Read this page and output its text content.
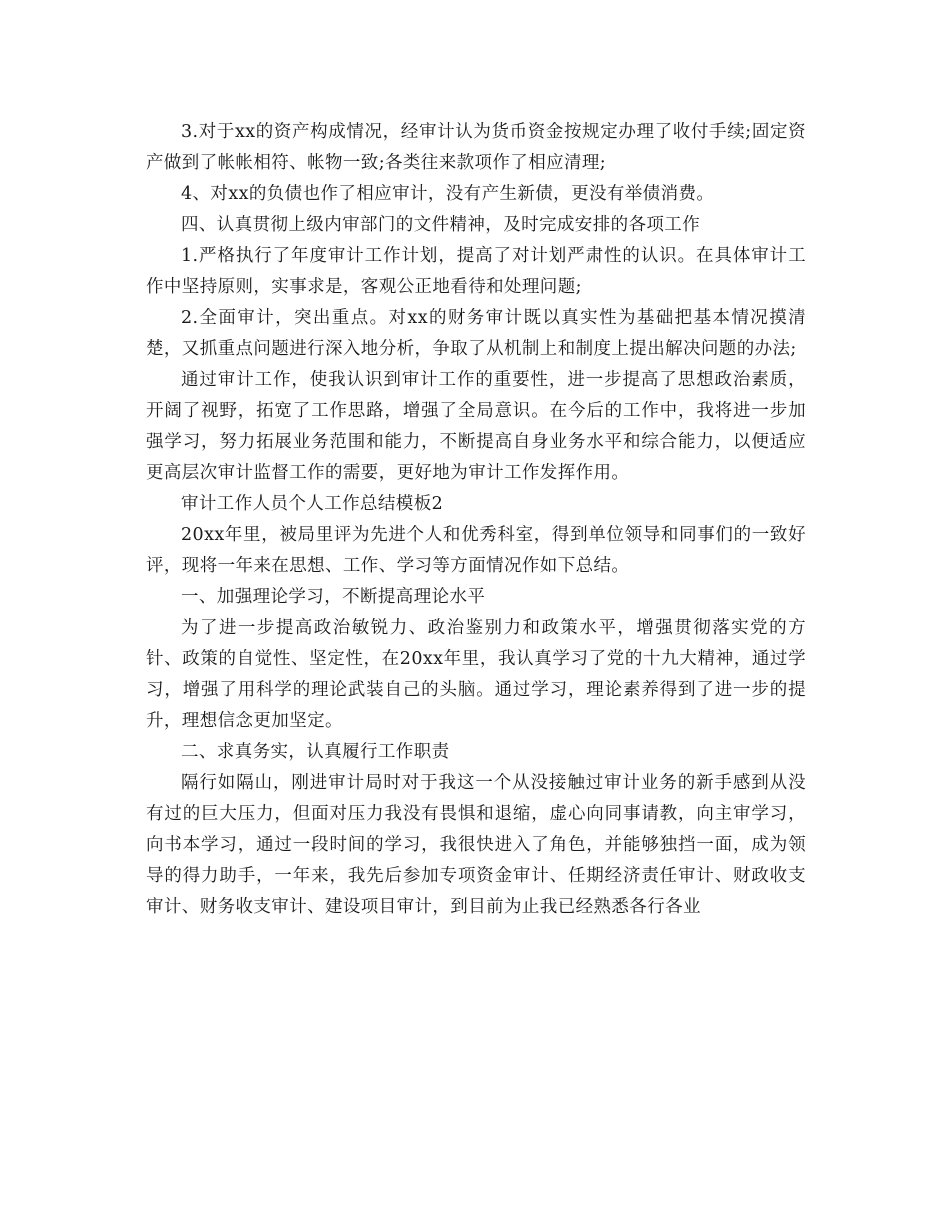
3.对于xx的资产构成情况，经审计认为货币资金按规定办理了收付手续;固定资产做到了帐帐相符、帐物一致;各类往来款项作了相应清理;

4、对xx的负债也作了相应审计，没有产生新债，更没有举债消费。

四、认真贯彻上级内审部门的文件精神，及时完成安排的各项工作

1.严格执行了年度审计工作计划，提高了对计划严肃性的认识。在具体审计工作中坚持原则，实事求是，客观公正地看待和处理问题;

2.全面审计，突出重点。对xx的财务审计既以真实性为基础把基本情况摸清楚，又抓重点问题进行深入地分析，争取了从机制上和制度上提出解决问题的办法;

通过审计工作，使我认识到审计工作的重要性，进一步提高了思想政治素质，开阔了视野，拓宽了工作思路，增强了全局意识。在今后的工作中，我将进一步加强学习，努力拓展业务范围和能力，不断提高自身业务水平和综合能力，以便适应更高层次审计监督工作的需要，更好地为审计工作发挥作用。

审计工作人员个人工作总结模板2

20xx年里，被局里评为先进个人和优秀科室，得到单位领导和同事们的一致好评，现将一年来在思想、工作、学习等方面情况作如下总结。

一、加强理论学习，不断提高理论水平

为了进一步提高政治敏锐力、政治鉴别力和政策水平，增强贯彻落实党的方针、政策的自觉性、坚定性，在20xx年里，我认真学习了党的十九大精神，通过学习，增强了用科学的理论武装自己的头脑。通过学习，理论素养得到了进一步的提升，理想信念更加坚定。

二、求真务实，认真履行工作职责

隔行如隔山，刚进审计局时对于我这一个从没接触过审计业务的新手感到从没有过的巨大压力，但面对压力我没有畏惧和退缩，虚心向同事请教，向主审学习，向书本学习，通过一段时间的学习，我很快进入了角色，并能够独挡一面，成为领导的得力助手，一年来，我先后参加专项资金审计、任期经济责任审计、财政收支审计、财务收支审计、建设项目审计，到目前为止我已经熟悉各行各业
